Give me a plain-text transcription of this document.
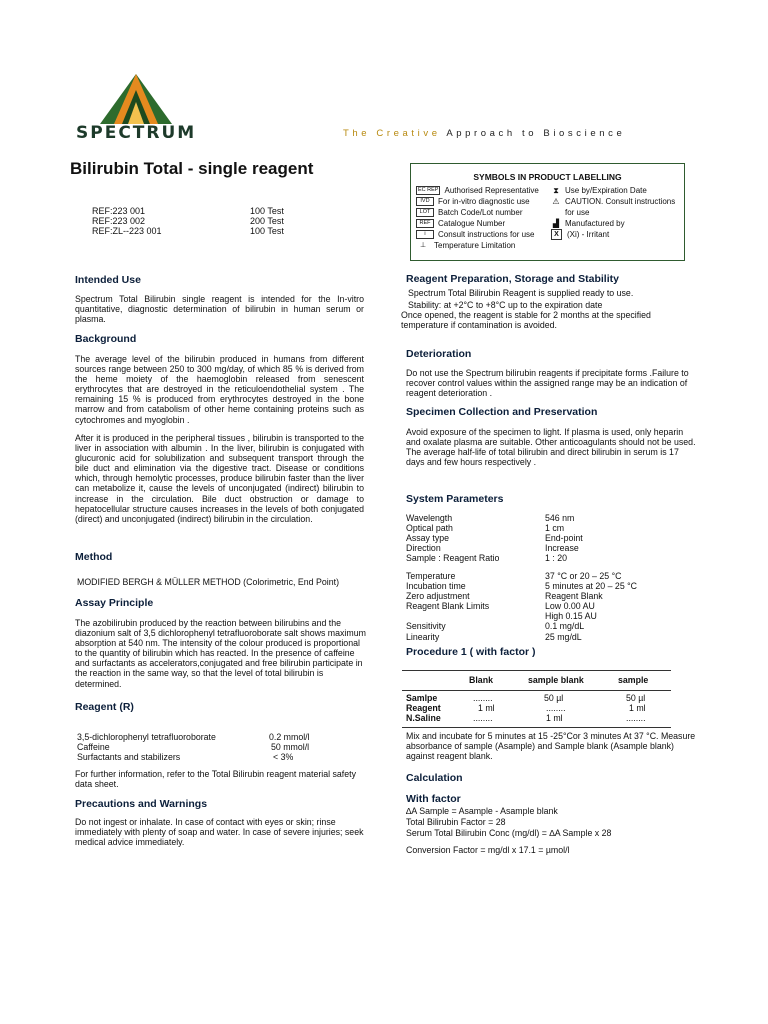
SPECTRUM	The Creative Approach to Bioscience
Bilirubin Total - single reagent
REF:223 001	100 Test
REF:223 002	200 Test
REF:ZL--223 001	100 Test
SYMBOLS IN PRODUCT LABELLING
EC REP Authorised Representative
IVD	For in-vitro diagnostic use
LOT Batch Code/Lot number
REF Catalogue Number
i	Consult instructions for use
⊥ Temperature Limitation
⧗ Use by/Expiration Date
⚠ CAUTION. Consult instructions
for use
▟ Manufactured by
X	(Xi) - Irritant
Intended Use
Spectrum Total Bilirubin single reagent is intended for the In-vitro quantitative, diagnostic determination of bilirubin in human serum or plasma.
Background
The average level of the bilirubin produced in humans from different sources range between 250 to 300 mg/day, of which 85 % is derived from the heme moiety of the haemoglobin released from senescent erythrocytes that are destroyed in the reticuloendothelial system . The remaining 15 % is produced from erythrocytes destroyed in the bone marrow and from catabolism of other heme containing proteins such as cytochromes and myoglobin .
After it is produced in the peripheral tissues , bilirubin is transported to the liver in association with albumin . In the liver, bilirubin is conjugated with glucuronic acid for solubilization and subsequent transport through the bile duct and elimination via the digestive tract. Disease or conditions which, through hemolytic processes, produce bilirubin faster than the liver can metabolize it, cause the levels of unconjugated (indirect) bilirubin to increase in the circulation. Bile duct obstruction or damage to hepatocellular structure causes increases in the levels of both conjugated (direct) and unconjugated (indirect) bilirubin in the circulation.
Method
MODIFIED BERGH & MÜLLER METHOD (Colorimetric, End Point)
Assay Principle
The azobilirubin produced by the reaction between bilirubins and the diazonium salt of 3,5 dichlorophenyl tetrafluoroborate salt shows maximum absorption at 540 nm. The intensity of the colour produced is proportional to the quantity of bilirubin which has reacted. In the presence of caffeine and surfactants as accelerators,conjugated and free bilirubin participate in the reaction in the same way, so that the level of total bilirubin is determined.
Reagent (R)
3,5-dichlorophenyl tetrafluoroborate	0.2 mmol/l
Caffeine	50 mmol/l
Surfactants and stabilizers	< 3%
For further information, refer to the Total Bilirubin reagent material safety data sheet.
Precautions and Warnings
Do not ingest or inhalate. In case of contact with eyes or skin; rinse immediately with plenty of soap and water. In case of severe injuries; seek medical advice immediately.
Reagent Preparation, Storage and Stability
Spectrum Total Bilirubin Reagent is supplied ready to use.
Stability: at +2°C to +8°C up to the expiration date
Once opened, the reagent is stable for 2 months at the specified temperature if contamination is avoided.
Deterioration
Do not use the Spectrum bilirubin reagents if precipitate forms .Failure to recover control values within the assigned range may be an indication of reagent deterioration .
Specimen Collection and Preservation
Avoid exposure of the specimen to light. If plasma is used, only heparin and oxalate plasma are suitable. Other anticoagulants should not be used. The average half-life of total bilirubin and direct bilirubin in serum is 17 days and few hours respectively .
System Parameters
Wavelength	546 nm
Optical path	1 cm
Assay type	End-point
Direction	Increase
Sample : Reagent Ratio	1 : 20
Temperature	37 °C or 20 – 25 °C
Incubation time	5 minutes at 20 – 25 °C
Zero adjustment	Reagent Blank
Reagent Blank Limits	Low 0.00 AU
	High 0.15 AU
Sensitivity	0.1 mg/dL
Linearity	25 mg/dL
Procedure 1 ( with factor )
Blank	sample blank	sample
Samlpe	........	50 µl	50 µl
Reagent	1 ml	........	1 ml
N.Saline	........	1 ml	........
Mix and incubate for 5 minutes at 15 -25°Cor 3 minutes At 37 °C. Measure absorbance of sample (Asample) and Sample blank (Asample blank) against reagent blank.
Calculation
With factor
∆A Sample = Asample - Asample blank
Total Bilirubin Factor = 28
Serum Total Bilirubin Conc (mg/dl) = ∆A Sample x 28
Conversion Factor = mg/dl x 17.1 = µmol/l
